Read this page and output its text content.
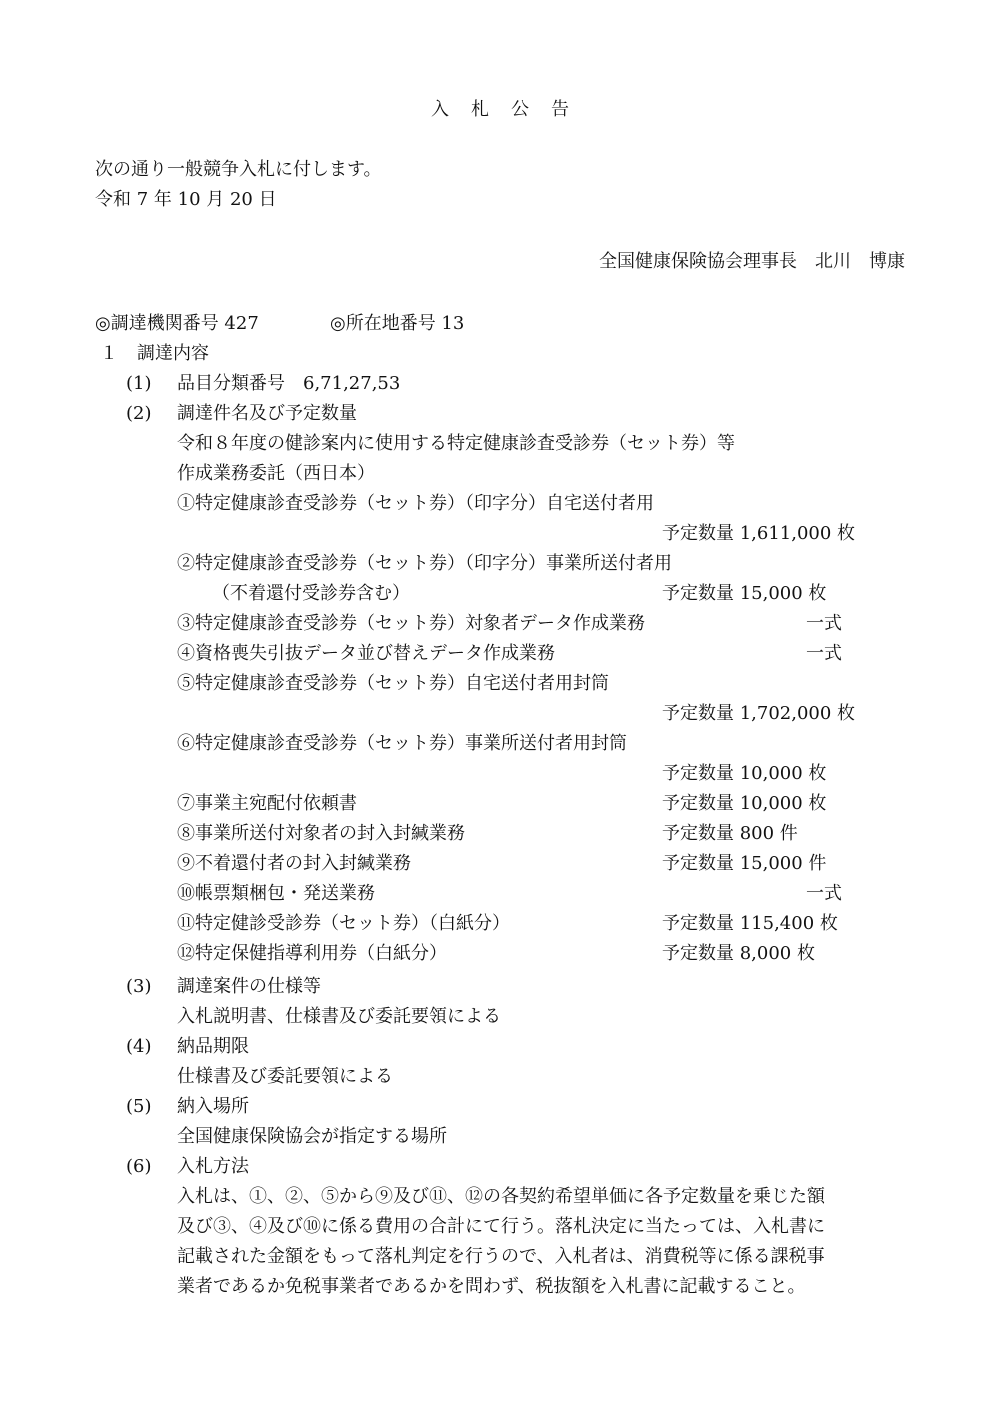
入札公告
次の通り一般競争入札に付します。
令和 7 年 10 月 20 日
全国健康保険協会理事長　北川　博康
◎調達機関番号 427	◎所在地番号 13
１ 調達内容
(1) 品目分類番号　6,71,27,53
(2) 調達件名及び予定数量
令和８年度の健診案内に使用する特定健康診査受診券（セット券）等
作成業務委託（西日本）
①特定健康診査受診券（セット券）（印字分）自宅送付者用
予定数量 1,611,000 枚
②特定健康診査受診券（セット券）（印字分）事業所送付者用
（不着還付受診券含む）	予定数量 15,000 枚
③特定健康診査受診券（セット券）対象者データ作成業務	一式
④資格喪失引抜データ並び替えデータ作成業務	一式
⑤特定健康診査受診券（セット券）自宅送付者用封筒
予定数量 1,702,000 枚
⑥特定健康診査受診券（セット券）事業所送付者用封筒
予定数量 10,000 枚
⑦事業主宛配付依頼書	予定数量 10,000 枚
⑧事業所送付対象者の封入封緘業務	予定数量 800 件
⑨不着還付者の封入封緘業務	予定数量 15,000 件
⑩帳票類梱包・発送業務	一式
⑪特定健診受診券（セット券）（白紙分）	予定数量 115,400 枚
⑫特定保健指導利用券（白紙分）	予定数量 8,000 枚
(3) 調達案件の仕様等
入札説明書、仕様書及び委託要領による
(4) 納品期限
仕様書及び委託要領による
(5) 納入場所
全国健康保険協会が指定する場所
(6) 入札方法
入札は、①、②、⑤から⑨及び⑪、⑫の各契約希望単価に各予定数量を乗じた額
及び③、④及び⑩に係る費用の合計にて行う。落札決定に当たっては、入札書に
記載された金額をもって落札判定を行うので、入札者は、消費税等に係る課税事
業者であるか免税事業者であるかを問わず、税抜額を入札書に記載すること。
